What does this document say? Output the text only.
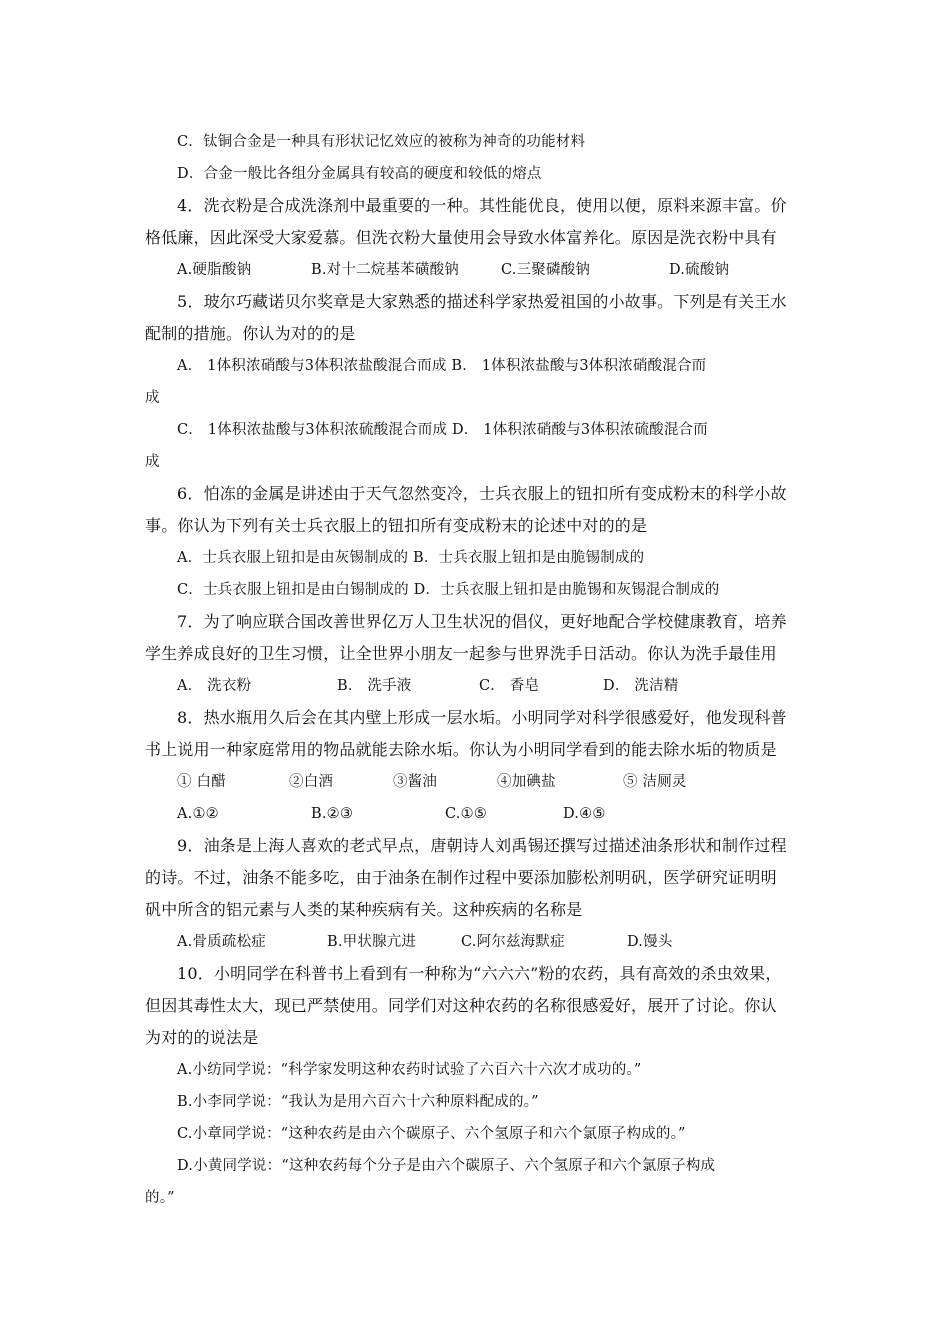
C．钛铜合金是一种具有形状记忆效应的被称为神奇的功能材料
D．合金一般比各组分金属具有较高的硬度和较低的熔点
4．洗衣粉是合成洗涤剂中最重要的一种。其性能优良，使用以便，原料来源丰富。价
格低廉，因此深受大家爱慕。但洗衣粉大量使用会导致水体富养化。原因是洗衣粉中具有
A.硬脂酸钠	B.对十二烷基苯磺酸钠	C.三聚磷酸钠	D.硫酸钠
5．玻尔巧藏诺贝尔奖章是大家熟悉的描述科学家热爱祖国的小故事。下列是有关王水
配制的措施。你认为对的的是
A． 1体积浓硝酸与3体积浓盐酸混合而成 B． 1体积浓盐酸与3体积浓硝酸混合而
成
C． 1体积浓盐酸与3体积浓硫酸混合而成 D． 1体积浓硝酸与3体积浓硫酸混合而
成
6．怕冻的金属是讲述由于天气忽然变冷，士兵衣服上的钮扣所有变成粉末的科学小故
事。你认为下列有关士兵衣服上的钮扣所有变成粉末的论述中对的的是
A．士兵衣服上钮扣是由灰锡制成的 B．士兵衣服上钮扣是由脆锡制成的
C．士兵衣服上钮扣是由白锡制成的 D．士兵衣服上钮扣是由脆锡和灰锡混合制成的
7．为了响应联合国改善世界亿万人卫生状况的倡仪，更好地配合学校健康教育，培养
学生养成良好的卫生习惯，让全世界小朋友一起参与世界洗手日活动。你认为洗手最佳用
A． 洗衣粉	B． 洗手液	C． 香皂	D． 洗洁精
8．热水瓶用久后会在其内壁上形成一层水垢。小明同学对科学很感爱好，他发现科普
书上说用一种家庭常用的物品就能去除水垢。你认为小明同学看到的能去除水垢的物质是
① 白醋	②白酒	③酱油	④加碘盐	⑤ 洁厕灵
A.①②	B.②③	C.①⑤	D.④⑤
9．油条是上海人喜欢的老式早点，唐朝诗人刘禹锡还撰写过描述油条形状和制作过程
的诗。不过，油条不能多吃，由于油条在制作过程中要添加膨松剂明矾，医学研究证明明
矾中所含的铝元素与人类的某种疾病有关。这种疾病的名称是
A.骨质疏松症	B.甲状腺亢进	C.阿尔兹海默症	D.馒头
10．小明同学在科普书上看到有一种称为“六六六”粉的农药，具有高效的杀虫效果，
但因其毒性太大，现已严禁使用。同学们对这种农药的名称很感爱好，展开了讨论。你认
为对的的说法是
A.小纺同学说：“科学家发明这种农药时试验了六百六十六次才成功的。”
B.小李同学说：“我认为是用六百六十六种原料配成的。”
C.小章同学说：“这种农药是由六个碳原子、六个氢原子和六个氯原子构成的。”
D.小黄同学说：“这种农药每个分子是由六个碳原子、六个氢原子和六个氯原子构成
的。”
